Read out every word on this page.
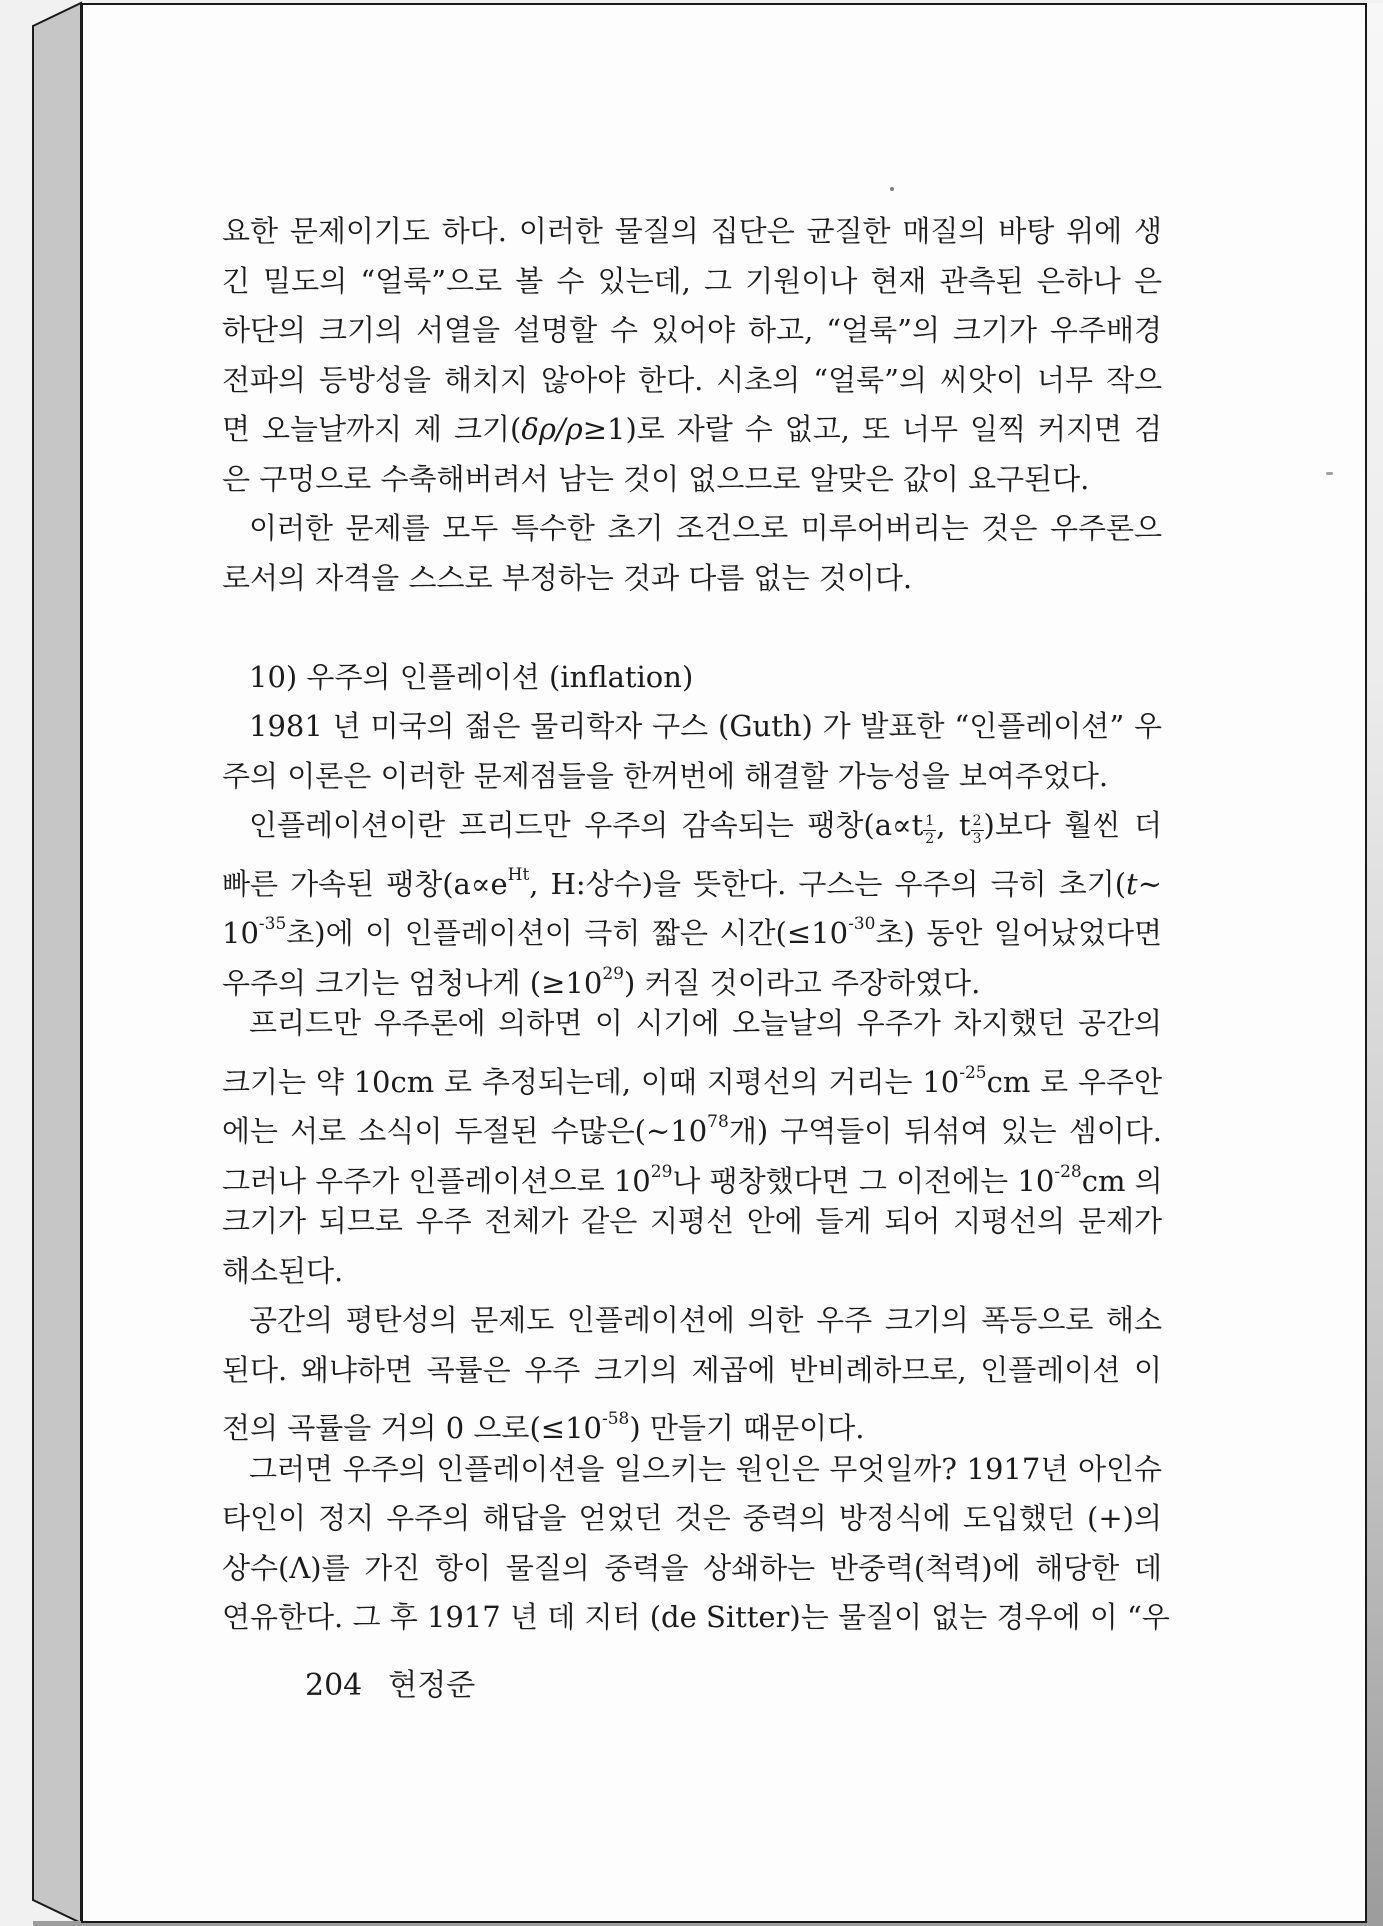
요한 문제이기도 하다. 이러한 물질의 집단은 균질한 매질의 바탕 위에 생
긴 밀도의 “얼룩”으로 볼 수 있는데, 그 기원이나 현재 관측된 은하나 은
하단의 크기의 서열을 설명할 수 있어야 하고, “얼룩”의 크기가 우주배경
전파의 등방성을 해치지 않아야 한다. 시초의 “얼룩”의 씨앗이 너무 작으
면 오늘날까지 제 크기(δρ/ρ≥1)로 자랄 수 없고, 또 너무 일찍 커지면 검
은 구멍으로 수축해버려서 남는 것이 없으므로 알맞은 값이 요구된다.
이러한 문제를 모두 특수한 초기 조건으로 미루어버리는 것은 우주론으
로서의 자격을 스스로 부정하는 것과 다름 없는 것이다.
10) 우주의 인플레이션 (inflation)
1981 년 미국의 젊은 물리학자 구스 (Guth) 가 발표한 “인플레이션” 우
주의 이론은 이러한 문제점들을 한꺼번에 해결할 가능성을 보여주었다.
인플레이션이란 프리드만 우주의 감속되는 팽창($a\propto t \frac{1}{2}$ , t $\frac{2}{3}$ )보다 훨씬 더
빠른 가속된 팽창($a\propto e^{Ht}$, H:상수)을 뜻한다. 구스는 우주의 극히 초기(t~
$10^{-35}$초)에 이 인플레이션이 극히 짧은 시간($\le 10^{-30}$초) 동안 일어났었다면
우주의 크기는 엄청나게 $(\ge 10^{29})$ 커질 것이라고 주장하였다.
프리드만 우주론에 의하면 이 시기에 오늘날의 우주가 차지했던 공간의
크기는 약 10cm 로 추정되는데, 이때 지평선의 거리는 $10^{-25}cm$ 로 우주안
에는 서로 소식이 두절된 수많은($\sim 10^{78}$개) 구역들이 뒤섞여 있는 셈이다.
그러나 우주가 인플레이션으로 $10^{29}$나 팽창했다면 그 이전에는 $10^{-28}cm$ 의
크기가 되므로 우주 전체가 같은 지평선 안에 들게 되어 지평선의 문제가
해소된다.
공간의 평탄성의 문제도 인플레이션에 의한 우주 크기의 폭등으로 해소
된다. 왜냐하면 곡률은 우주 크기의 제곱에 반비례하므로, 인플레이션 이
전의 곡률을 거의 0 으로$(\le 10^{-58})$ 만들기 때문이다.
그러면 우주의 인플레이션을 일으키는 원인은 무엇일까? 1917년 아인슈
타인이 정지 우주의 해답을 얻었던 것은 중력의 방정식에 도입했던 (+)의
상수(Λ)를 가진 항이 물질의 중력을 상쇄하는 반중력(척력)에 해당한 데
연유한다. 그 후 1917 년 데 지터 (de Sitter)는 물질이 없는 경우에 이 “우
204 현정준
